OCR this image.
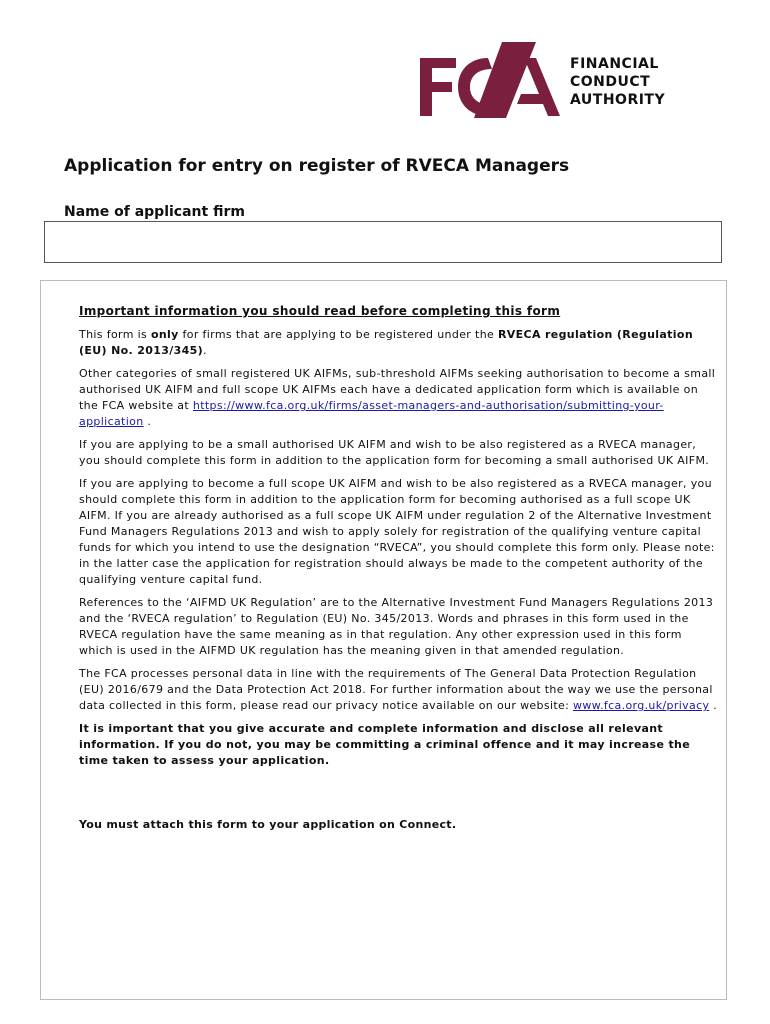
FINANCIAL
CONDUCT
AUTHORITY
Application for entry on register of RVECA Managers
Name of applicant firm

Important information you should read before completing this form

This form is only for firms that are applying to be registered under the RVECA regulation (Regulation (EU) No. 2013/345).

Other categories of small registered UK AIFMs, sub-threshold AIFMs seeking authorisation to become a small authorised UK AIFM and full scope UK AIFMs each have a dedicated application form which is available on the FCA website at https://www.fca.org.uk/firms/asset-managers-and-authorisation/submitting-your-application .

If you are applying to be a small authorised UK AIFM and wish to be also registered as a RVECA manager, you should complete this form in addition to the application form for becoming a small authorised UK AIFM.

If you are applying to become a full scope UK AIFM and wish to be also registered as a RVECA manager, you should complete this form in addition to the application form for becoming authorised as a full scope UK AIFM. If you are already authorised as a full scope UK AIFM under regulation 2 of the Alternative Investment Fund Managers Regulations 2013 and wish to apply solely for registration of the qualifying venture capital funds for which you intend to use the designation “RVECA”, you should complete this form only. Please note: in the latter case the application for registration should always be made to the competent authority of the qualifying venture capital fund.

References to the ‘AIFMD UK Regulation’ are to the Alternative Investment Fund Managers Regulations 2013 and the ‘RVECA regulation’ to Regulation (EU) No. 345/2013. Words and phrases in this form used in the RVECA regulation have the same meaning as in that regulation. Any other expression used in this form which is used in the AIFMD UK regulation has the meaning given in that amended regulation.

The FCA processes personal data in line with the requirements of The General Data Protection Regulation (EU) 2016/679 and the Data Protection Act 2018. For further information about the way we use the personal data collected in this form, please read our privacy notice available on our website: www.fca.org.uk/privacy .

It is important that you give accurate and complete information and disclose all relevant information. If you do not, you may be committing a criminal offence and it may increase the time taken to assess your application.

You must attach this form to your application on Connect.
